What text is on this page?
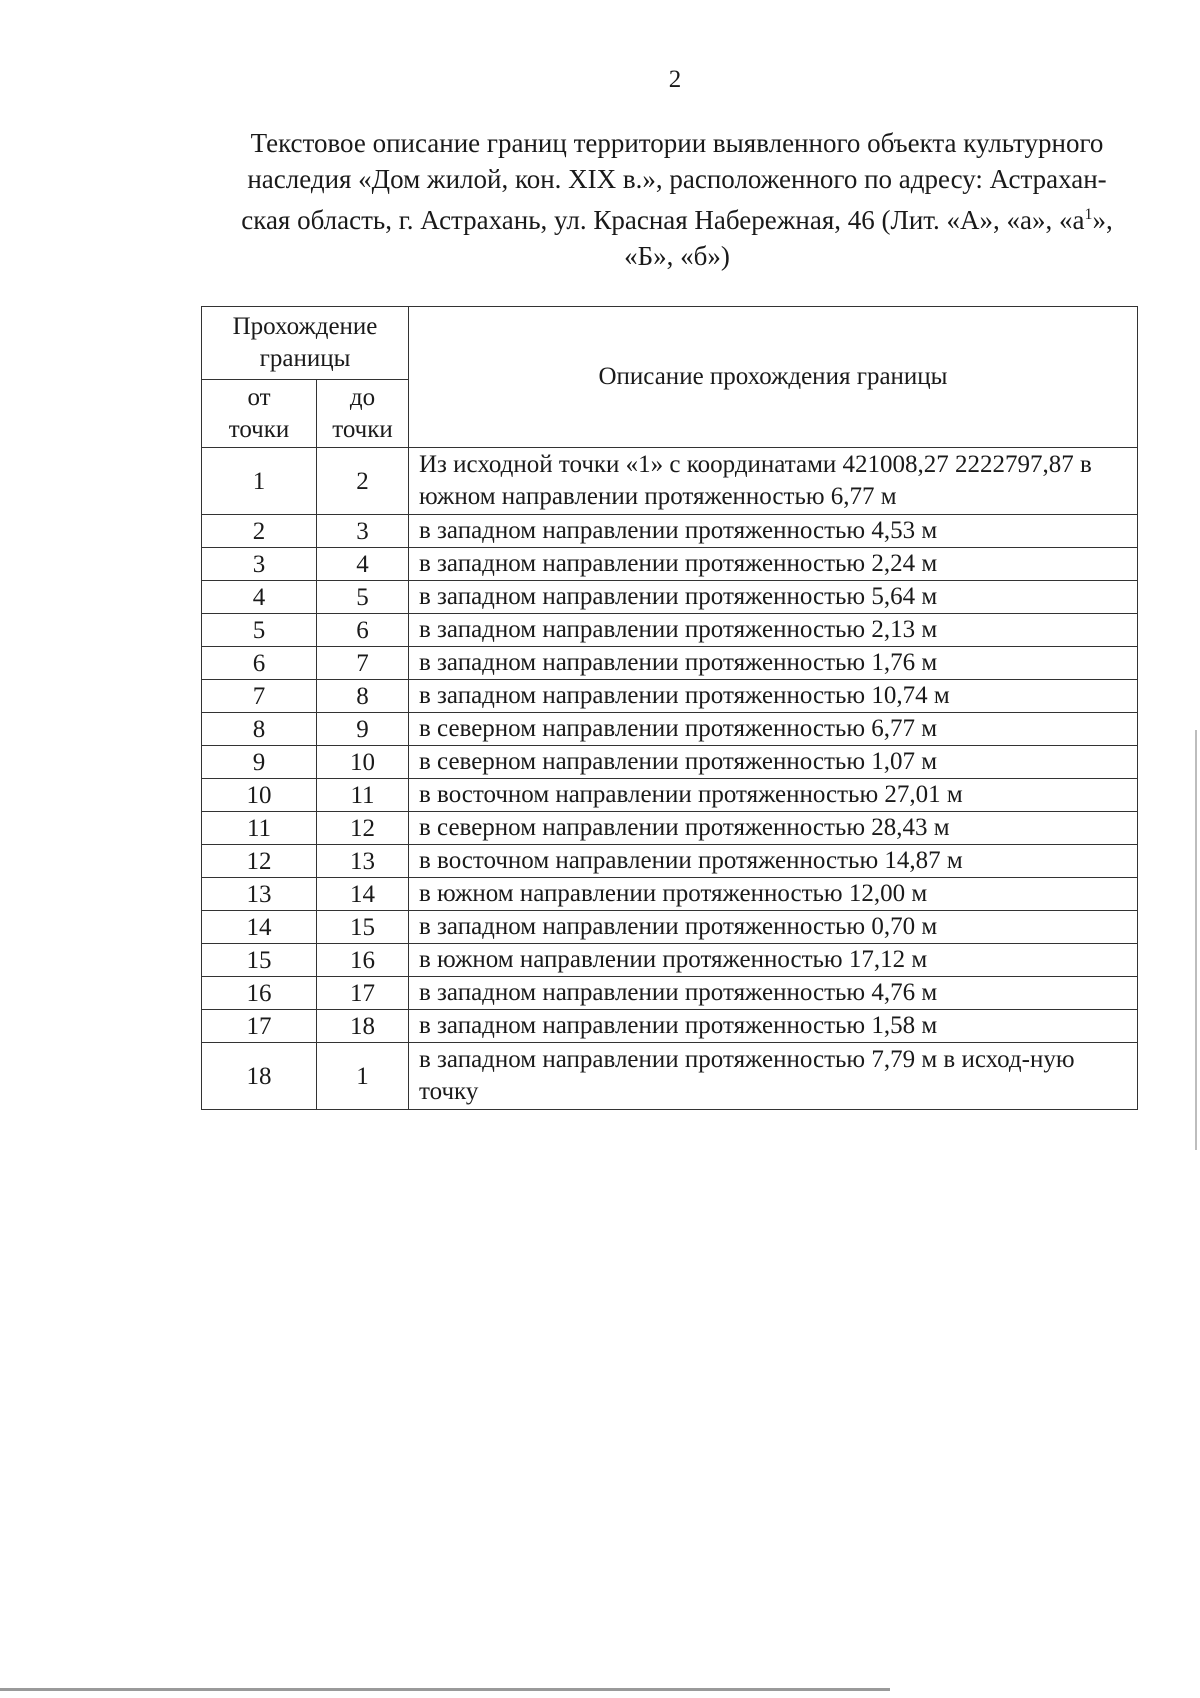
2
Текстовое описание границ территории выявленного объекта культурного
наследия «Дом жилой, кон. XIX в.», расположенного по адресу: Астрахан-
ская область, г. Астрахань, ул. Красная Набережная, 46 (Лит. «А», «а», «$а^1$»,
«Б», «б»)
Прохождение границы		Описание прохождения границы
от точки	до точки	
1	2	Из исходной точки «1» с координатами 421008,27 2222797,87 в южном направлении протяженностью 6,77 м
2	3	в западном направлении протяженностью 4,53 м
3	4	в западном направлении протяженностью 2,24 м
4	5	в западном направлении протяженностью 5,64 м
5	6	в западном направлении протяженностью 2,13 м
6	7	в западном направлении протяженностью 1,76 м
7	8	в западном направлении протяженностью 10,74 м
8	9	в северном направлении протяженностью 6,77 м
9	10	в северном направлении протяженностью 1,07 м
10	11	в восточном направлении протяженностью 27,01 м
11	12	в северном направлении протяженностью 28,43 м
12	13	в восточном направлении протяженностью 14,87 м
13	14	в южном направлении протяженностью 12,00 м
14	15	в западном направлении протяженностью 0,70 м
15	16	в южном направлении протяженностью 17,12 м
16	17	в западном направлении протяженностью 4,76 м
17	18	в западном направлении протяженностью 1,58 м
18	1	в западном направлении протяженностью 7,79 м в исход-ную точку
